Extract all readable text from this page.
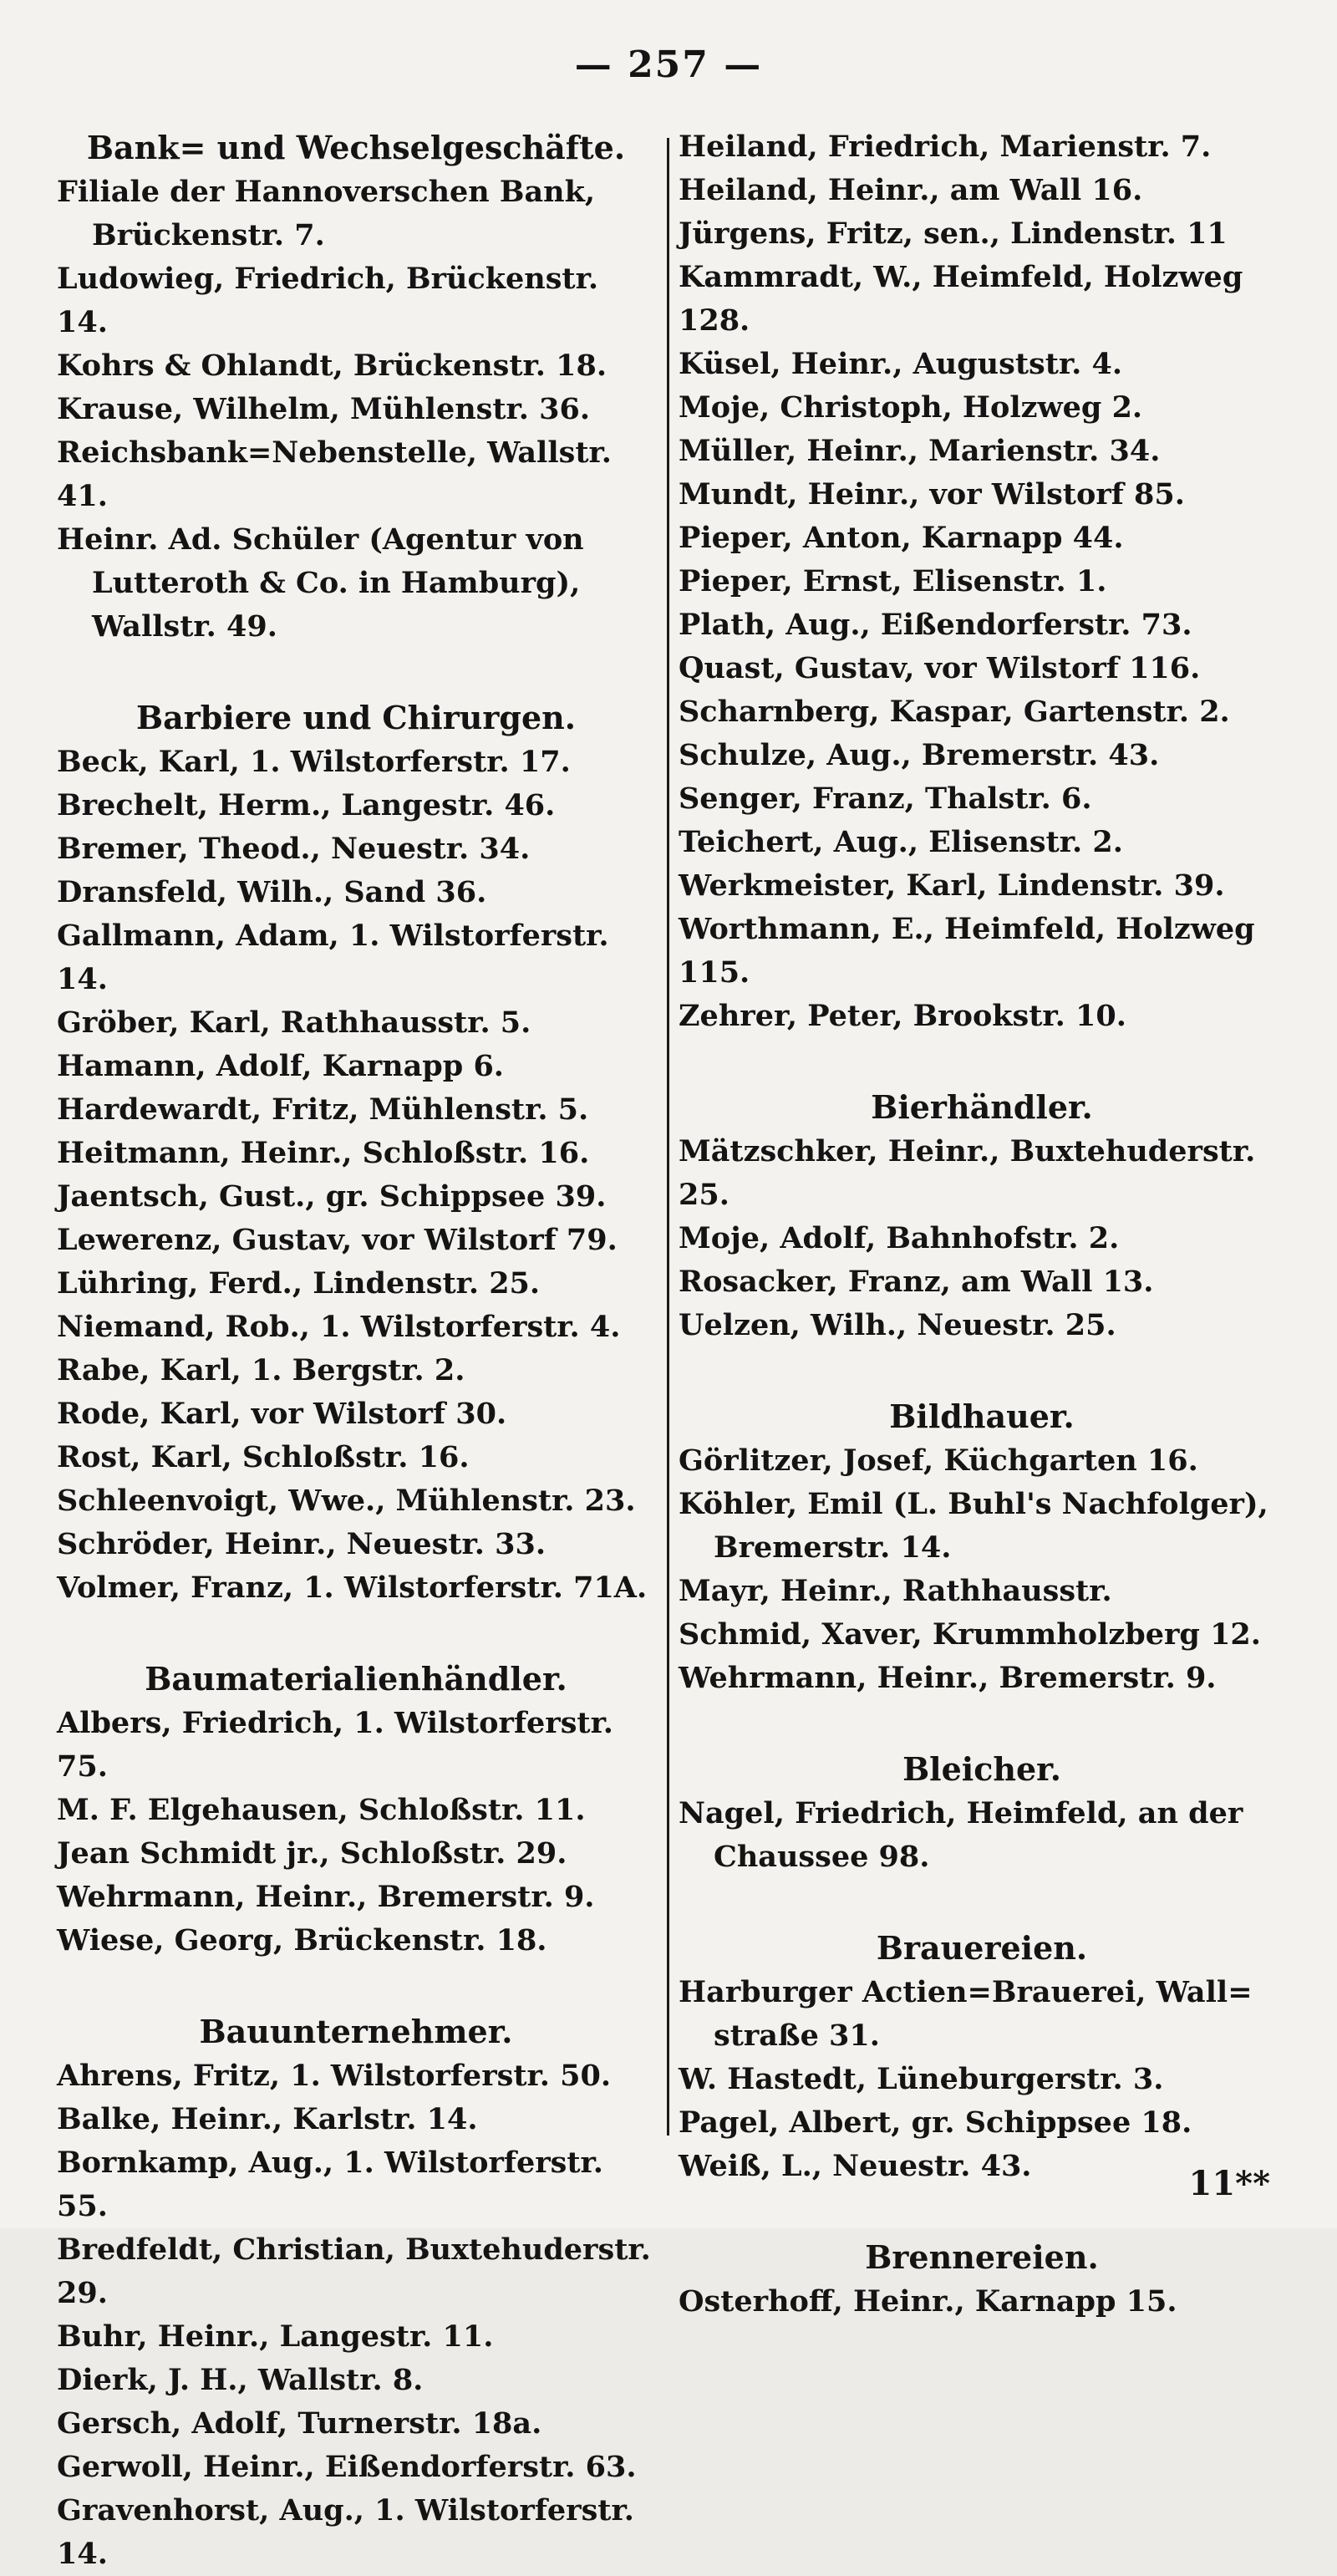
— 257 —
Bank= und Wechselgeschäfte.
Filiale der Hannoverschen Bank,
Brückenstr. 7.
Ludowieg, Friedrich, Brückenstr. 14.
Kohrs & Ohlandt, Brückenstr. 18.
Krause, Wilhelm, Mühlenstr. 36.
Reichsbank=Nebenstelle, Wallstr. 41.
Heinr. Ad. Schüler (Agentur von
Lutteroth & Co. in Hamburg),
Wallstr. 49.
Barbiere und Chirurgen.
Beck, Karl, 1. Wilstorferstr. 17.
Brechelt, Herm., Langestr. 46.
Bremer, Theod., Neuestr. 34.
Dransfeld, Wilh., Sand 36.
Gallmann, Adam, 1. Wilstorferstr. 14.
Gröber, Karl, Rathhausstr. 5.
Hamann, Adolf, Karnapp 6.
Hardewardt, Fritz, Mühlenstr. 5.
Heitmann, Heinr., Schloßstr. 16.
Jaentsch, Gust., gr. Schippsee 39.
Lewerenz, Gustav, vor Wilstorf 79.
Lühring, Ferd., Lindenstr. 25.
Niemand, Rob., 1. Wilstorferstr. 4.
Rabe, Karl, 1. Bergstr. 2.
Rode, Karl, vor Wilstorf 30.
Rost, Karl, Schloßstr. 16.
Schleenvoigt, Wwe., Mühlenstr. 23.
Schröder, Heinr., Neuestr. 33.
Volmer, Franz, 1. Wilstorferstr. 71A.
Baumaterialienhändler.
Albers, Friedrich, 1. Wilstorferstr. 75.
M. F. Elgehausen, Schloßstr. 11.
Jean Schmidt jr., Schloßstr. 29.
Wehrmann, Heinr., Bremerstr. 9.
Wiese, Georg, Brückenstr. 18.
Bauunternehmer.
Ahrens, Fritz, 1. Wilstorferstr. 50.
Balke, Heinr., Karlstr. 14.
Bornkamp, Aug., 1. Wilstorferstr. 55.
Bredfeldt, Christian, Buxtehuderstr. 29.
Buhr, Heinr., Langestr. 11.
Dierk, J. H., Wallstr. 8.
Gersch, Adolf, Turnerstr. 18a.
Gerwoll, Heinr., Eißendorferstr. 63.
Gravenhorst, Aug., 1. Wilstorferstr. 14.
Heiland, Friedrich, Marienstr. 7.
Heiland, Heinr., am Wall 16.
Jürgens, Fritz, sen., Lindenstr. 11
Kammradt, W., Heimfeld, Holzweg 128.
Küsel, Heinr., Auguststr. 4.
Moje, Christoph, Holzweg 2.
Müller, Heinr., Marienstr. 34.
Mundt, Heinr., vor Wilstorf 85.
Pieper, Anton, Karnapp 44.
Pieper, Ernst, Elisenstr. 1.
Plath, Aug., Eißendorferstr. 73.
Quast, Gustav, vor Wilstorf 116.
Scharnberg, Kaspar, Gartenstr. 2.
Schulze, Aug., Bremerstr. 43.
Senger, Franz, Thalstr. 6.
Teichert, Aug., Elisenstr. 2.
Werkmeister, Karl, Lindenstr. 39.
Worthmann, E., Heimfeld, Holzweg 115.
Zehrer, Peter, Brookstr. 10.
Bierhändler.
Mätzschker, Heinr., Buxtehuderstr. 25.
Moje, Adolf, Bahnhofstr. 2.
Rosacker, Franz, am Wall 13.
Uelzen, Wilh., Neuestr. 25.
Bildhauer.
Görlitzer, Josef, Küchgarten 16.
Köhler, Emil (L. Buhl's Nachfolger),
Bremerstr. 14.
Mayr, Heinr., Rathhausstr.
Schmid, Xaver, Krummholzberg 12.
Wehrmann, Heinr., Bremerstr. 9.
Bleicher.
Nagel, Friedrich, Heimfeld, an der
Chaussee 98.
Brauereien.
Harburger Actien=Brauerei, Wall=
straße 31.
W. Hastedt, Lüneburgerstr. 3.
Pagel, Albert, gr. Schippsee 18.
Weiß, L., Neuestr. 43.
Brennereien.
Osterhoff, Heinr., Karnapp 15.
11**
